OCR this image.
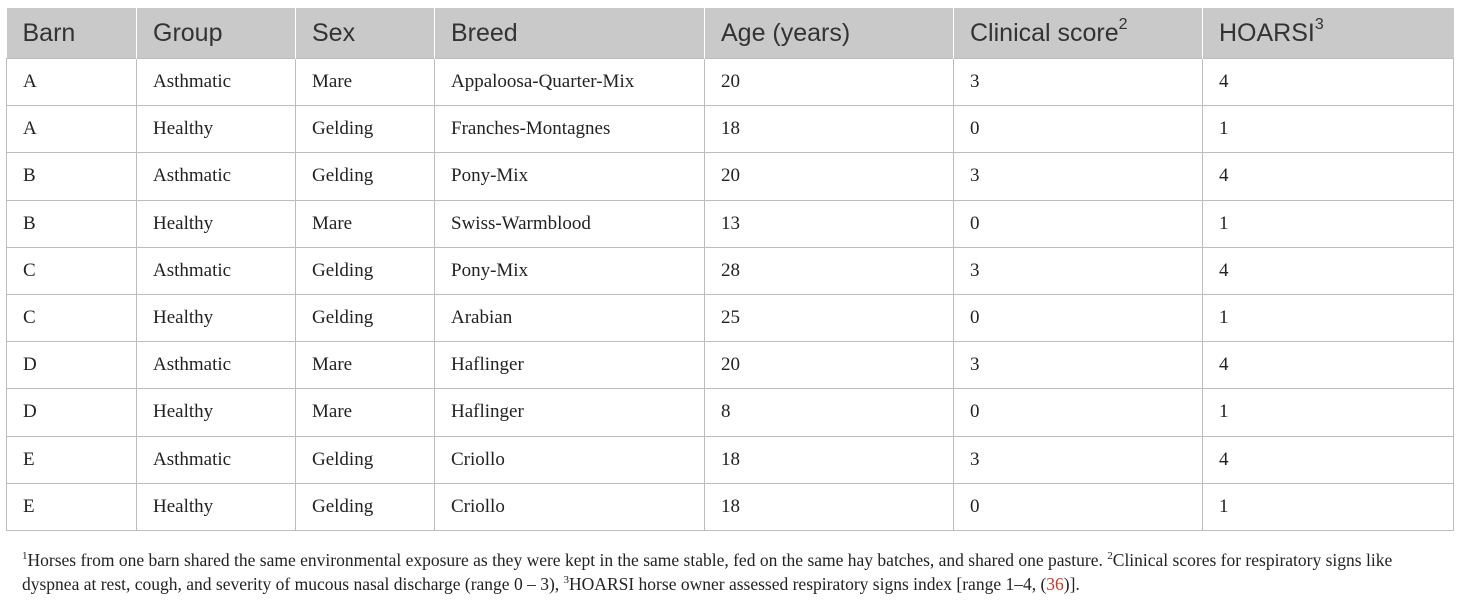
Barn	Group	Sex	Breed	Age (years)	Clinical score$^2$	HOARSI$^3$
A	Asthmatic	Mare	Appaloosa-Quarter-Mix	20	3	4
A	Healthy	Gelding	Franches-Montagnes	18	0	1
B	Asthmatic	Gelding	Pony-Mix	20	3	4
B	Healthy	Mare	Swiss-Warmblood	13	0	1
C	Asthmatic	Gelding	Pony-Mix	28	3	4
C	Healthy	Gelding	Arabian	25	0	1
D	Asthmatic	Mare	Haflinger	20	3	4
D	Healthy	Mare	Haflinger	8	0	1
E	Asthmatic	Gelding	Criollo	18	3	4
E	Healthy	Gelding	Criollo	18	0	1
$^1$Horses from one barn shared the same environmental exposure as they were kept in the same stable, fed on the same hay batches, and shared one pasture. $^2$Clinical scores for respiratory signs like dyspnea at rest, cough, and severity of mucous nasal discharge (range 0 – 3), $^3$HOARSI horse owner assessed respiratory signs index [range 1–4, (36)].
